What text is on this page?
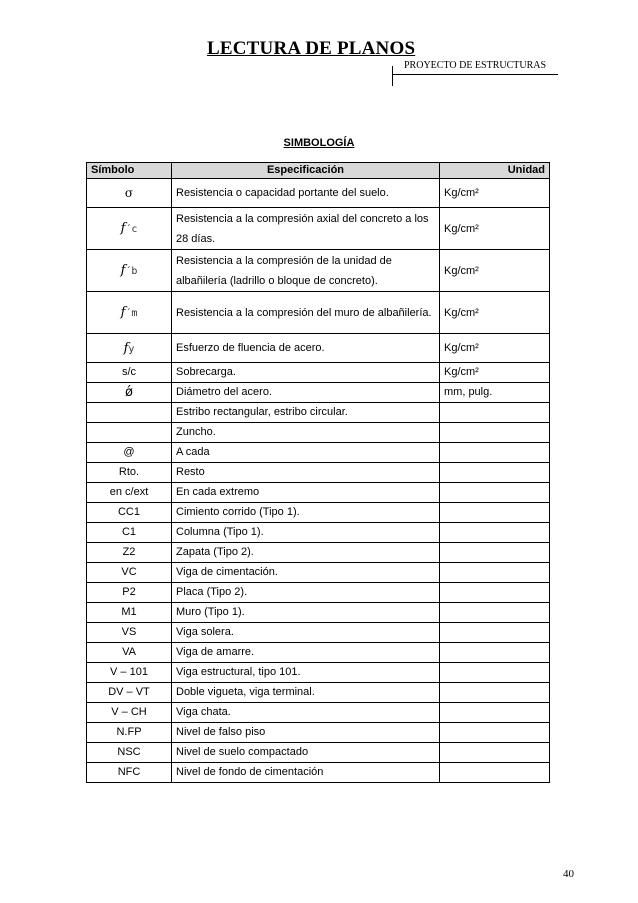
LECTURA DE PLANOS
PROYECTO DE ESTRUCTURAS
SIMBOLOGÍA
Símbolo	Especificación	Unidad
σ	Resistencia o capacidad portante del suelo.	Kg/cm²
f´c	Resistencia a la compresión axial del concreto a los 28 días.	Kg/cm²
f´b	Resistencia a la compresión de la unidad de albañilería (ladrillo o bloque de concreto).	Kg/cm²
f´m	Resistencia a la compresión del muro de albañilería.	Kg/cm²
fy	Esfuerzo de fluencia de acero.	Kg/cm²
s/c	Sobrecarga.	Kg/cm²
ǿ	Diámetro del acero.	mm, pulg.
	Estribo rectangular, estribo circular.	
	Zuncho.	
@	A cada	
Rto.	Resto	
en c/ext	En cada extremo	
CC1	Cimiento corrido (Tipo 1).	
C1	Columna (Tipo 1).	
Z2	Zapata (Tipo 2).	
VC	Viga de cimentación.	
P2	Placa (Tipo 2).	
M1	Muro (Tipo 1).	
VS	Viga solera.	
VA	Viga de amarre.	
V – 101	Viga estructural, tipo 101.	
DV – VT	Doble vigueta, viga terminal.	
V – CH	Viga chata.	
N.FP	Nivel de falso piso	
NSC	Nivel de suelo compactado	
NFC	Nivel de fondo de cimentación	
40
